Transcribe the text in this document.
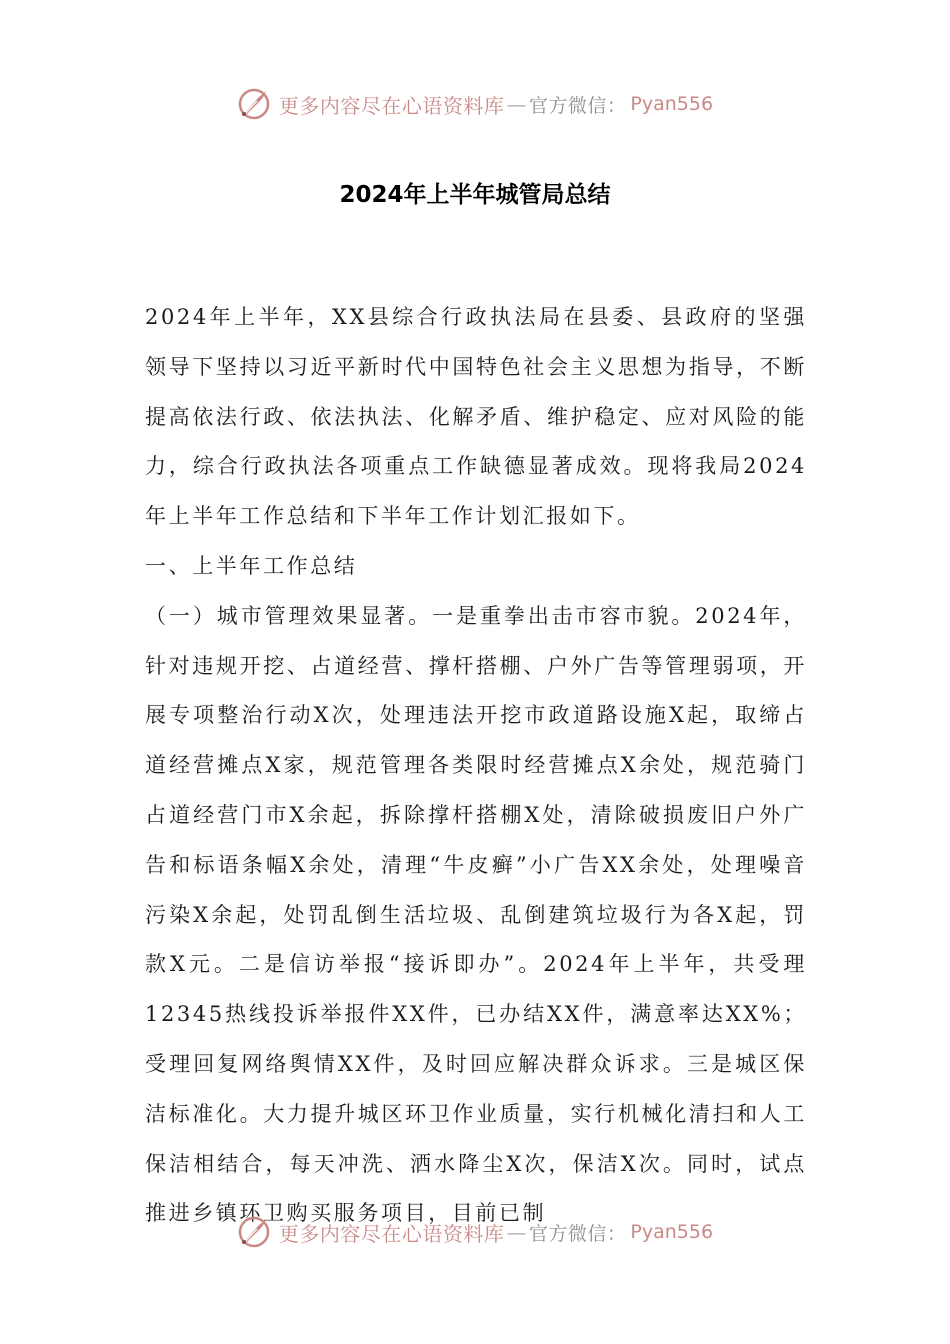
更多内容尽在心语资料库 — 官方微信： Pyan556
2024年上半年城管局总结

2024年上半年，XX县综合行政执法局在县委、县政府的坚强领导下坚持以习近平新时代中国特色社会主义思想为指导，不断提高依法行政、依法执法、化解矛盾、维护稳定、应对风险的能力，综合行政执法各项重点工作缺德显著成效。现将我局2024年上半年工作总结和下半年工作计划汇报如下。

一、上半年工作总结

（一）城市管理效果显著。一是重拳出击市容市貌。2024年，针对违规开挖、占道经营、撑杆搭棚、户外广告等管理弱项，开展专项整治行动X次，处理违法开挖市政道路设施X起，取缔占道经营摊点X家，规范管理各类限时经营摊点X余处，规范骑门占道经营门市X余起，拆除撑杆搭棚X处，清除破损废旧户外广告和标语条幅X余处，清理“牛皮癣”小广告XX余处，处理噪音污染X余起，处罚乱倒生活垃圾、乱倒建筑垃圾行为各X起，罚款X元。二是信访举报“接诉即办”。2024年上半年，共受理12345热线投诉举报件XX件，已办结XX件，满意率达XX%；受理回复网络舆情XX件，及时回应解决群众诉求。三是城区保洁标准化。大力提升城区环卫作业质量，实行机械化清扫和人工保洁相结合，每天冲洗、洒水降尘X次，保洁X次。同时，试点推进乡镇环卫购买服务项目，目前已制

更多内容尽在心语资料库 — 官方微信： Pyan556
